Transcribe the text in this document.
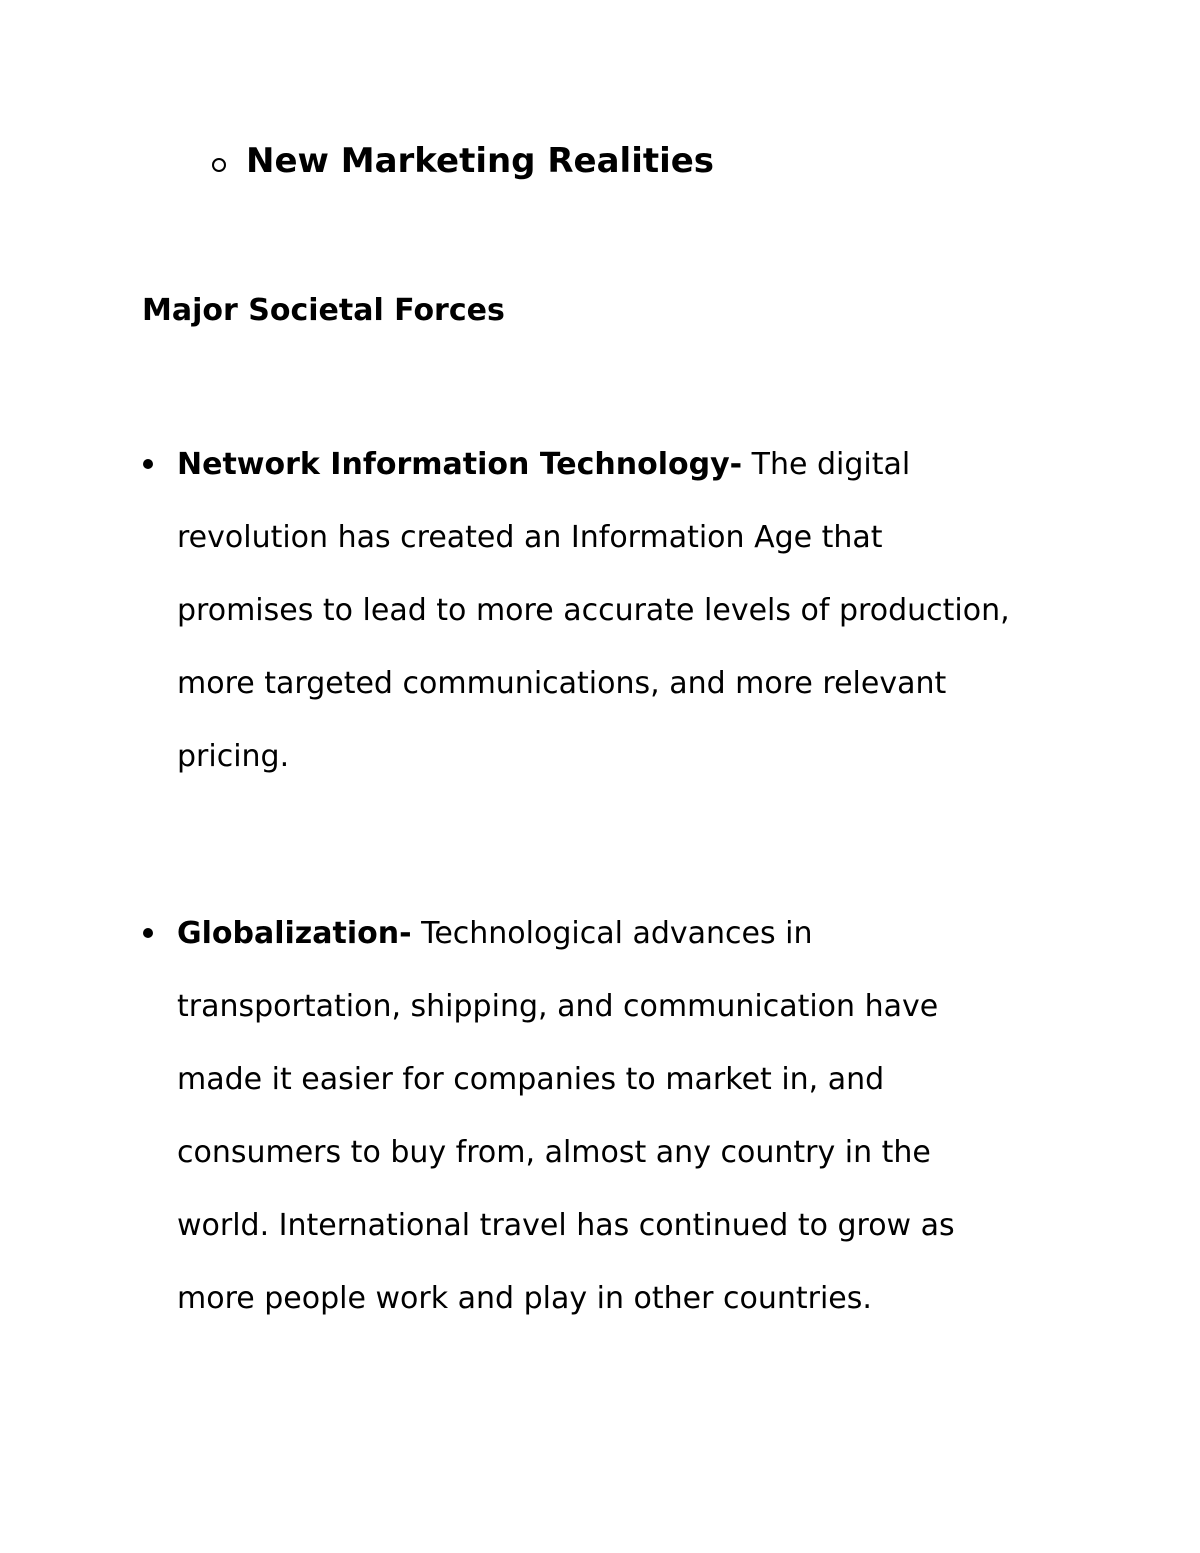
New Marketing Realities
Major Societal Forces
Network Information Technology- The digital
revolution has created an Information Age that
promises to lead to more accurate levels of production,
more targeted communications, and more relevant
pricing.
Globalization- Technological advances in
transportation, shipping, and communication have
made it easier for companies to market in, and
consumers to buy from, almost any country in the
world. International travel has continued to grow as
more people work and play in other countries.
